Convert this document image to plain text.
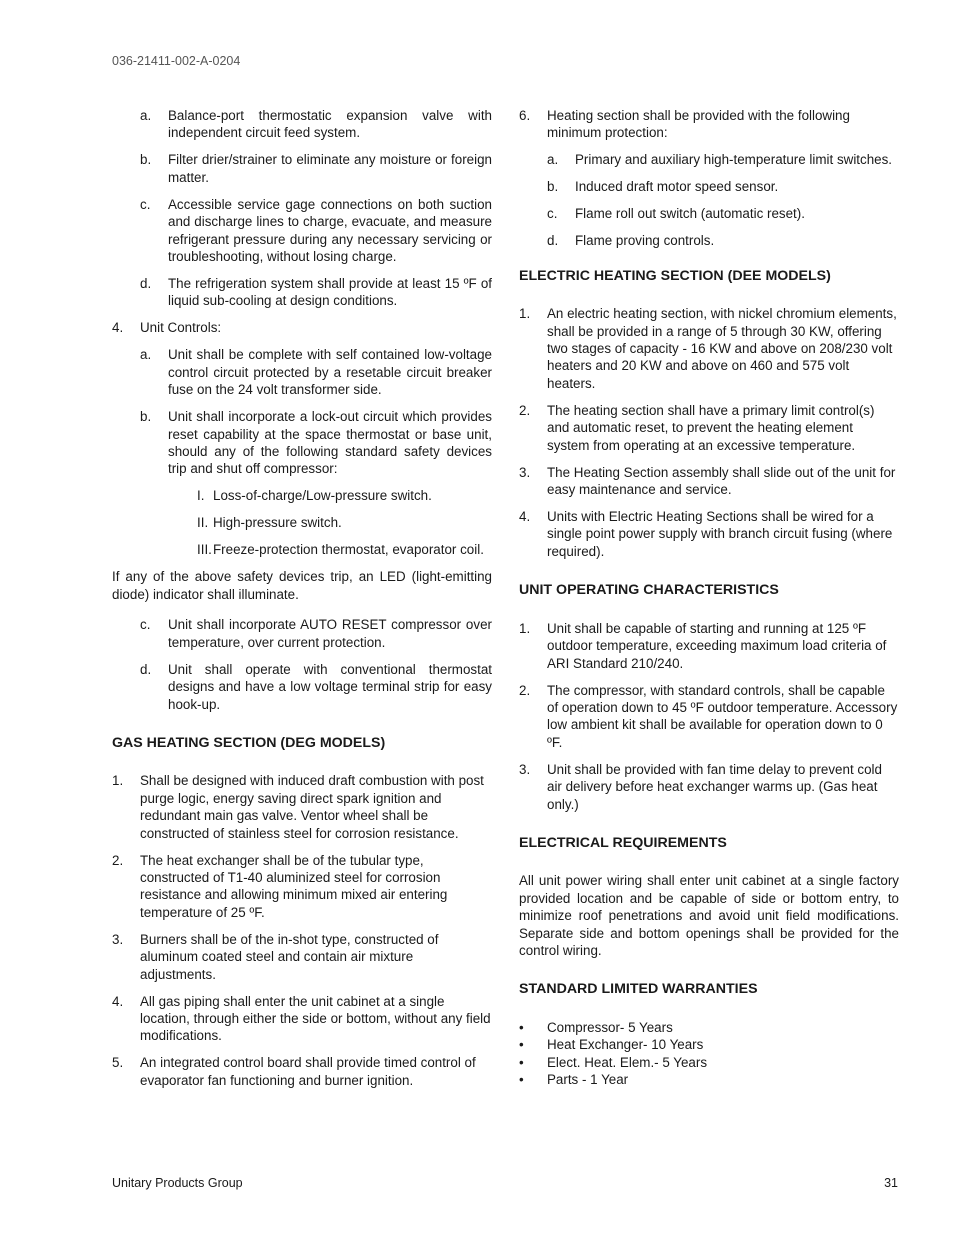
036-21411-002-A-0204
a. Balance-port thermostatic expansion valve with independent circuit feed system.
b. Filter drier/strainer to eliminate any moisture or foreign matter.
c. Accessible service gage connections on both suction and discharge lines to charge, evacuate, and measure refrigerant pressure during any necessary servicing or troubleshooting, without losing charge.
d. The refrigeration system shall provide at least 15 ºF of liquid sub-cooling at design conditions.
4. Unit Controls:
a. Unit shall be complete with self contained low-voltage control circuit protected by a resetable circuit breaker fuse on the 24 volt transformer side.
b. Unit shall incorporate a lock-out circuit which provides reset capability at the space thermostat or base unit, should any of the following standard safety devices trip and shut off compressor:
I. Loss-of-charge/Low-pressure switch.
II. High-pressure switch.
III. Freeze-protection thermostat, evaporator coil.
If any of the above safety devices trip, an LED (light-emitting diode) indicator shall illuminate.
c. Unit shall incorporate AUTO RESET compressor over temperature, over current protection.
d. Unit shall operate with conventional thermostat designs and have a low voltage terminal strip for easy hook-up.
GAS HEATING SECTION (DEG MODELS)
1. Shall be designed with induced draft combustion with post purge logic, energy saving direct spark ignition and redundant main gas valve. Ventor wheel shall be constructed of stainless steel for corrosion resistance.
2. The heat exchanger shall be of the tubular type, constructed of T1-40 aluminized steel for corrosion resistance and allowing minimum mixed air entering temperature of 25 ºF.
3. Burners shall be of the in-shot type, constructed of aluminum coated steel and contain air mixture adjustments.
4. All gas piping shall enter the unit cabinet at a single location, through either the side or bottom, without any field modifications.
5. An integrated control board shall provide timed control of evaporator fan functioning and burner ignition.
6. Heating section shall be provided with the following minimum protection:
a. Primary and auxiliary high-temperature limit switches.
b. Induced draft motor speed sensor.
c. Flame roll out switch (automatic reset).
d. Flame proving controls.
ELECTRIC HEATING SECTION (DEE MODELS)
1. An electric heating section, with nickel chromium elements, shall be provided in a range of 5 through 30 KW, offering two stages of capacity - 16 KW and above on 208/230 volt heaters and 20 KW and above on 460 and 575 volt heaters.
2. The heating section shall have a primary limit control(s) and automatic reset, to prevent the heating element system from operating at an excessive temperature.
3. The Heating Section assembly shall slide out of the unit for easy maintenance and service.
4. Units with Electric Heating Sections shall be wired for a single point power supply with branch circuit fusing (where required).
UNIT OPERATING CHARACTERISTICS
1. Unit shall be capable of starting and running at 125 ºF outdoor temperature, exceeding maximum load criteria of ARI Standard 210/240.
2. The compressor, with standard controls, shall be capable of operation down to 45 ºF outdoor temperature. Accessory low ambient kit shall be available for operation down to 0 ºF.
3. Unit shall be provided with fan time delay to prevent cold air delivery before heat exchanger warms up. (Gas heat only.)
ELECTRICAL REQUIREMENTS
All unit power wiring shall enter unit cabinet at a single factory provided location and be capable of side or bottom entry, to minimize roof penetrations and avoid unit field modifications. Separate side and bottom openings shall be provided for the control wiring.
STANDARD LIMITED WARRANTIES
• Compressor- 5 Years
• Heat Exchanger- 10 Years
• Elect. Heat. Elem.- 5 Years
• Parts - 1 Year
Unitary Products Group	31
